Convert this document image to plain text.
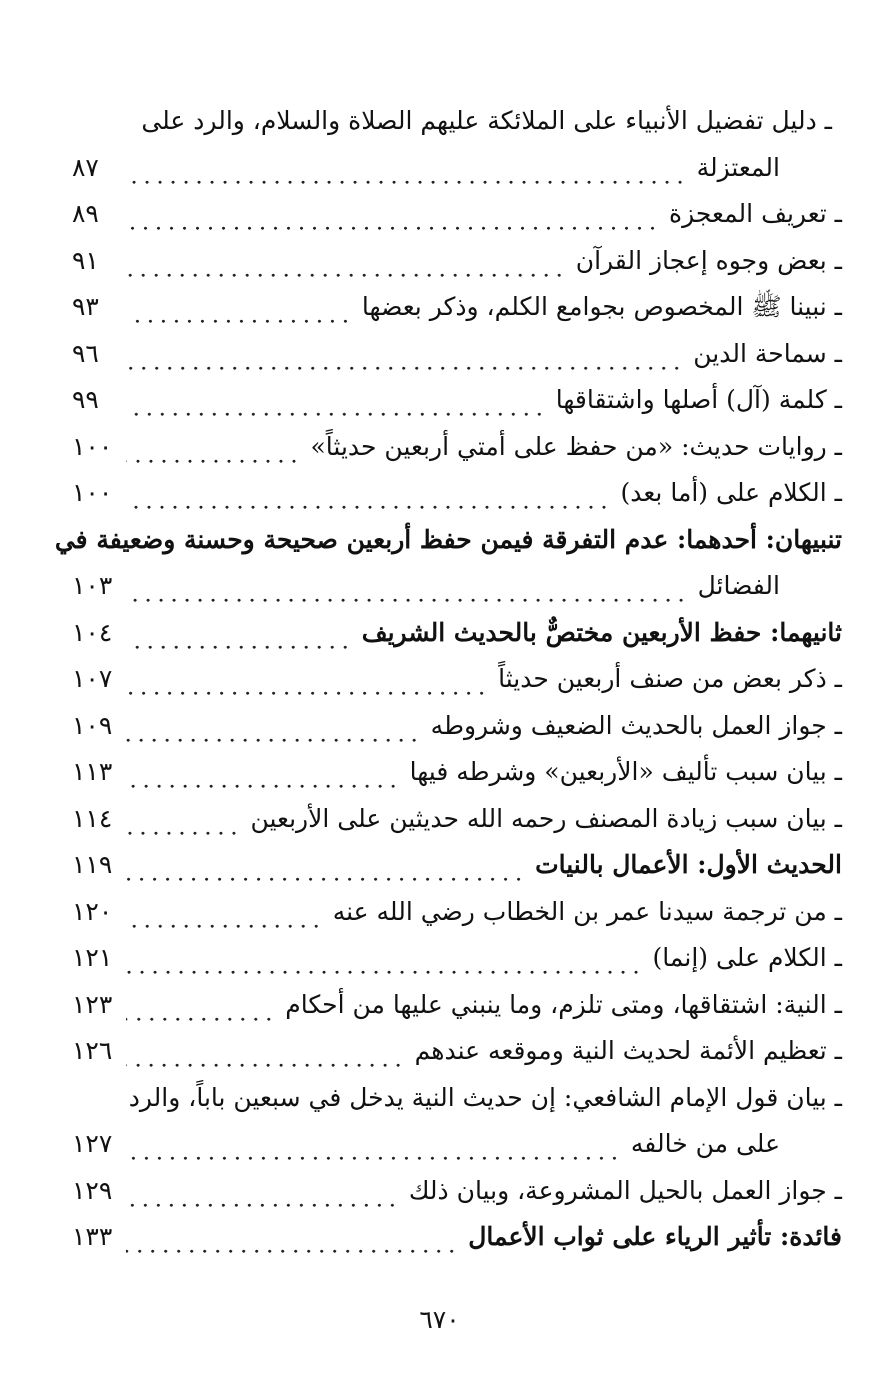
ـ دليل تفضيل الأنبياء على الملائكة عليهم الصلاة والسلام، والرد على
المعتزلة
٨٧
ـ تعريف المعجزة
٨٩
ـ بعض وجوه إعجاز القرآن
٩١
ـ نبينا ﷺ المخصوص بجوامع الكلم، وذكر بعضها
٩٣
ـ سماحة الدين
٩٦
ـ كلمة (آل) أصلها واشتقاقها
٩٩
ـ روايات حديث: «من حفظ على أمتي أربعين حديثاً»
١٠٠
ـ الكلام على (أما بعد)
١٠٠
تنبيهان: أحدهما: عدم التفرقة فيمن حفظ أربعين صحيحة وحسنة وضعيفة في
الفضائل
١٠٣
ثانيهما: حفظ الأربعين مختصٌّ بالحديث الشريف
١٠٤
ـ ذكر بعض من صنف أربعين حديثاً
١٠٧
ـ جواز العمل بالحديث الضعيف وشروطه
١٠٩
ـ بيان سبب تأليف «الأربعين» وشرطه فيها
١١٣
ـ بيان سبب زيادة المصنف رحمه الله حديثين على الأربعين
١١٤
الحديث الأول: الأعمال بالنيات
١١٩
ـ من ترجمة سيدنا عمر بن الخطاب رضي الله عنه
١٢٠
ـ الكلام على (إنما)
١٢١
ـ النية: اشتقاقها، ومتى تلزم، وما ينبني عليها من أحكام
١٢٣
ـ تعظيم الأئمة لحديث النية وموقعه عندهم
١٢٦
ـ بيان قول الإمام الشافعي: إن حديث النية يدخل في سبعين باباً، والرد
على من خالفه
١٢٧
ـ جواز العمل بالحيل المشروعة، وبيان ذلك
١٢٩
فائدة: تأثير الرياء على ثواب الأعمال
١٣٣
٦٧٠
